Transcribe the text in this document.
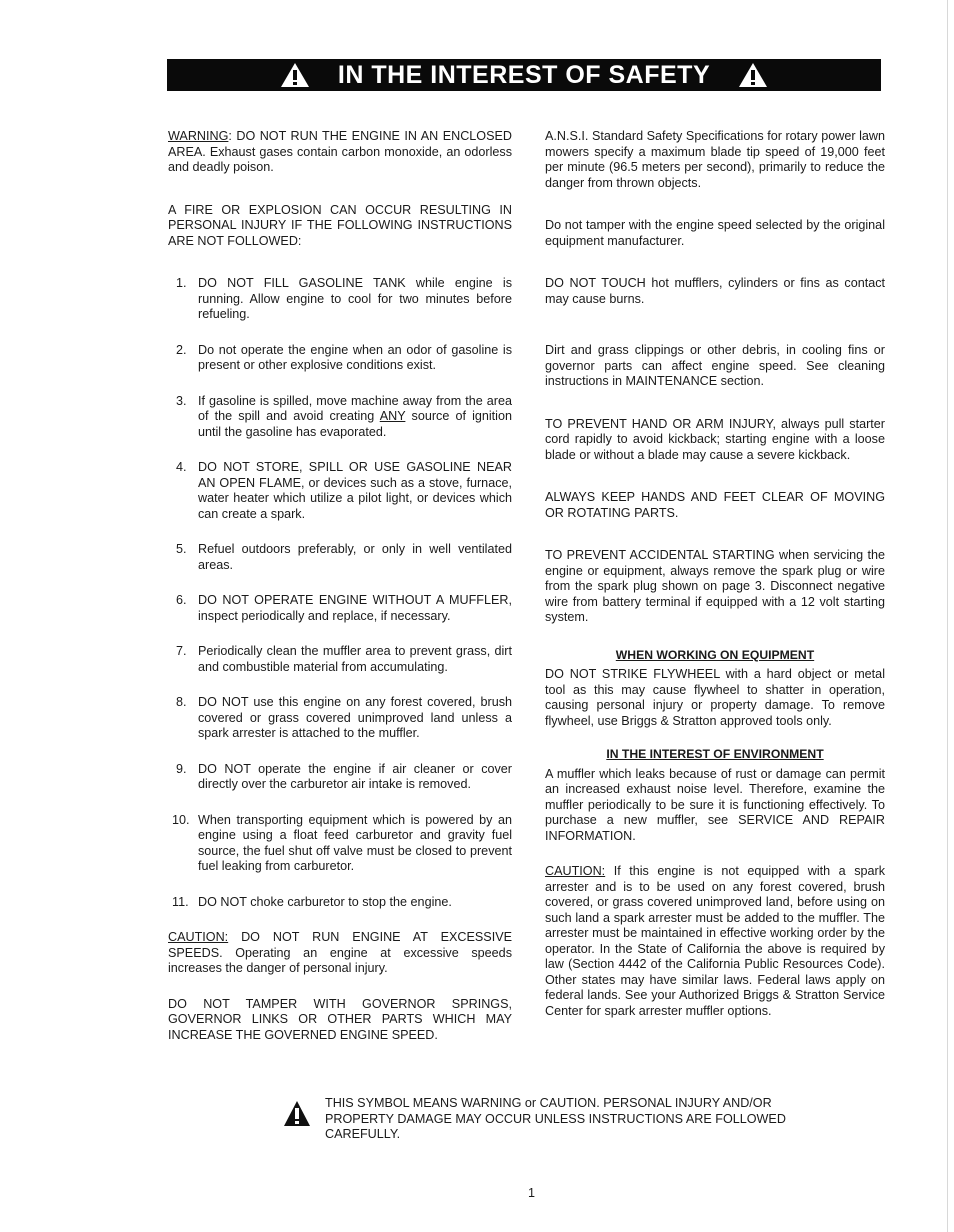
IN THE INTEREST OF SAFETY

WARNING: DO NOT RUN THE ENGINE IN AN ENCLOSED AREA. Exhaust gases contain carbon monoxide, an odorless and deadly poison.

A FIRE OR EXPLOSION CAN OCCUR RESULTING IN PERSONAL INJURY IF THE FOLLOWING INSTRUCTIONS ARE NOT FOLLOWED:

1. DO NOT FILL GASOLINE TANK while engine is running. Allow engine to cool for two minutes before refueling.

2. Do not operate the engine when an odor of gasoline is present or other explosive conditions exist.

3. If gasoline is spilled, move machine away from the area of the spill and avoid creating ANY source of ignition until the gasoline has evaporated.

4. DO NOT STORE, SPILL OR USE GASOLINE NEAR AN OPEN FLAME, or devices such as a stove, furnace, water heater which utilize a pilot light, or devices which can create a spark.

5. Refuel outdoors preferably, or only in well ventilated areas.

6. DO NOT OPERATE ENGINE WITHOUT A MUFFLER, inspect periodically and replace, if necessary.

7. Periodically clean the muffler area to prevent grass, dirt and combustible material from accumulating.

8. DO NOT use this engine on any forest covered, brush covered or grass covered unimproved land unless a spark arrester is attached to the muffler.

9. DO NOT operate the engine if air cleaner or cover directly over the carburetor air intake is removed.

10. When transporting equipment which is powered by an engine using a float feed carburetor and gravity fuel source, the fuel shut off valve must be closed to prevent fuel leaking from carburetor.

11. DO NOT choke carburetor to stop the engine.

CAUTION: DO NOT RUN ENGINE AT EXCESSIVE SPEEDS. Operating an engine at excessive speeds increases the danger of personal injury.

DO NOT TAMPER WITH GOVERNOR SPRINGS, GOVERNOR LINKS OR OTHER PARTS WHICH MAY INCREASE THE GOVERNED ENGINE SPEED.

A.N.S.I. Standard Safety Specifications for rotary power lawn mowers specify a maximum blade tip speed of 19,000 feet per minute (96.5 meters per second), primarily to reduce the danger from thrown objects.

Do not tamper with the engine speed selected by the original equipment manufacturer.

DO NOT TOUCH hot mufflers, cylinders or fins as contact may cause burns.

Dirt and grass clippings or other debris, in cooling fins or governor parts can affect engine speed. See cleaning instructions in MAINTENANCE section.

TO PREVENT HAND OR ARM INJURY, always pull starter cord rapidly to avoid kickback; starting engine with a loose blade or without a blade may cause a severe kickback.

ALWAYS KEEP HANDS AND FEET CLEAR OF MOVING OR ROTATING PARTS.

TO PREVENT ACCIDENTAL STARTING when servicing the engine or equipment, always remove the spark plug or wire from the spark plug shown on page 3. Disconnect negative wire from battery terminal if equipped with a 12 volt starting system.

WHEN WORKING ON EQUIPMENT

DO NOT STRIKE FLYWHEEL with a hard object or metal tool as this may cause flywheel to shatter in operation, causing personal injury or property damage. To remove flywheel, use Briggs & Stratton approved tools only.

IN THE INTEREST OF ENVIRONMENT

A muffler which leaks because of rust or damage can permit an increased exhaust noise level. Therefore, examine the muffler periodically to be sure it is functioning effectively. To purchase a new muffler, see SERVICE AND REPAIR INFORMATION.

CAUTION: If this engine is not equipped with a spark arrester and is to be used on any forest covered, brush covered, or grass covered unimproved land, before using on such land a spark arrester must be added to the muffler. The arrester must be maintained in effective working order by the operator. In the State of California the above is required by law (Section 4442 of the California Public Resources Code). Other states may have similar laws. Federal laws apply on federal lands. See your Authorized Briggs & Stratton Service Center for spark arrester muffler options.

THIS SYMBOL MEANS WARNING or CAUTION. PERSONAL INJURY AND/OR PROPERTY DAMAGE MAY OCCUR UNLESS INSTRUCTIONS ARE FOLLOWED CAREFULLY.

1
